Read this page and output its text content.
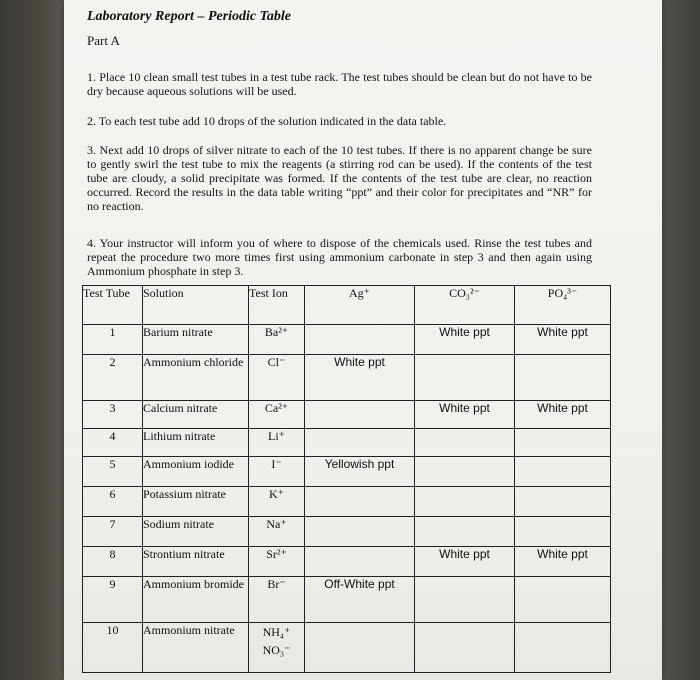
Laboratory Report – Periodic Table
Part A
1. Place 10 clean small test tubes in a test tube rack. The test tubes should be clean but do not have to be dry because aqueous solutions will be used.
2. To each test tube add 10 drops of the solution indicated in the data table.
3. Next add 10 drops of silver nitrate to each of the 10 test tubes. If there is no apparent change be sure to gently swirl the test tube to mix the reagents (a stirring rod can be used). If the contents of the test tube are cloudy, a solid precipitate was formed. If the contents of the test tube are clear, no reaction occurred. Record the results in the data table writing “ppt” and their color for precipitates and “NR” for no reaction.
4. Your instructor will inform you of where to dispose of the chemicals used. Rinse the test tubes and repeat the procedure two more times first using ammonium carbonate in step 3 and then again using Ammonium phosphate in step 3.
Test Tube	Solution	Test Ion	Ag⁺	CO₃²⁻	PO₄³⁻
1	Barium nitrate	Ba²⁺		White ppt	White ppt
2	Ammonium chloride	Cl⁻	White ppt		
3	Calcium nitrate	Ca²⁺		White ppt	White ppt
4	Lithium nitrate	Li⁺			
5	Ammonium iodide	I⁻	Yellowish ppt		
6	Potassium nitrate	K⁺			
7	Sodium nitrate	Na⁺			
8	Strontium nitrate	Sr²⁺		White ppt	White ppt
9	Ammonium bromide	Br⁻	Off-White ppt		
10	Ammonium nitrate	NH₄⁺
NO₃⁻			
